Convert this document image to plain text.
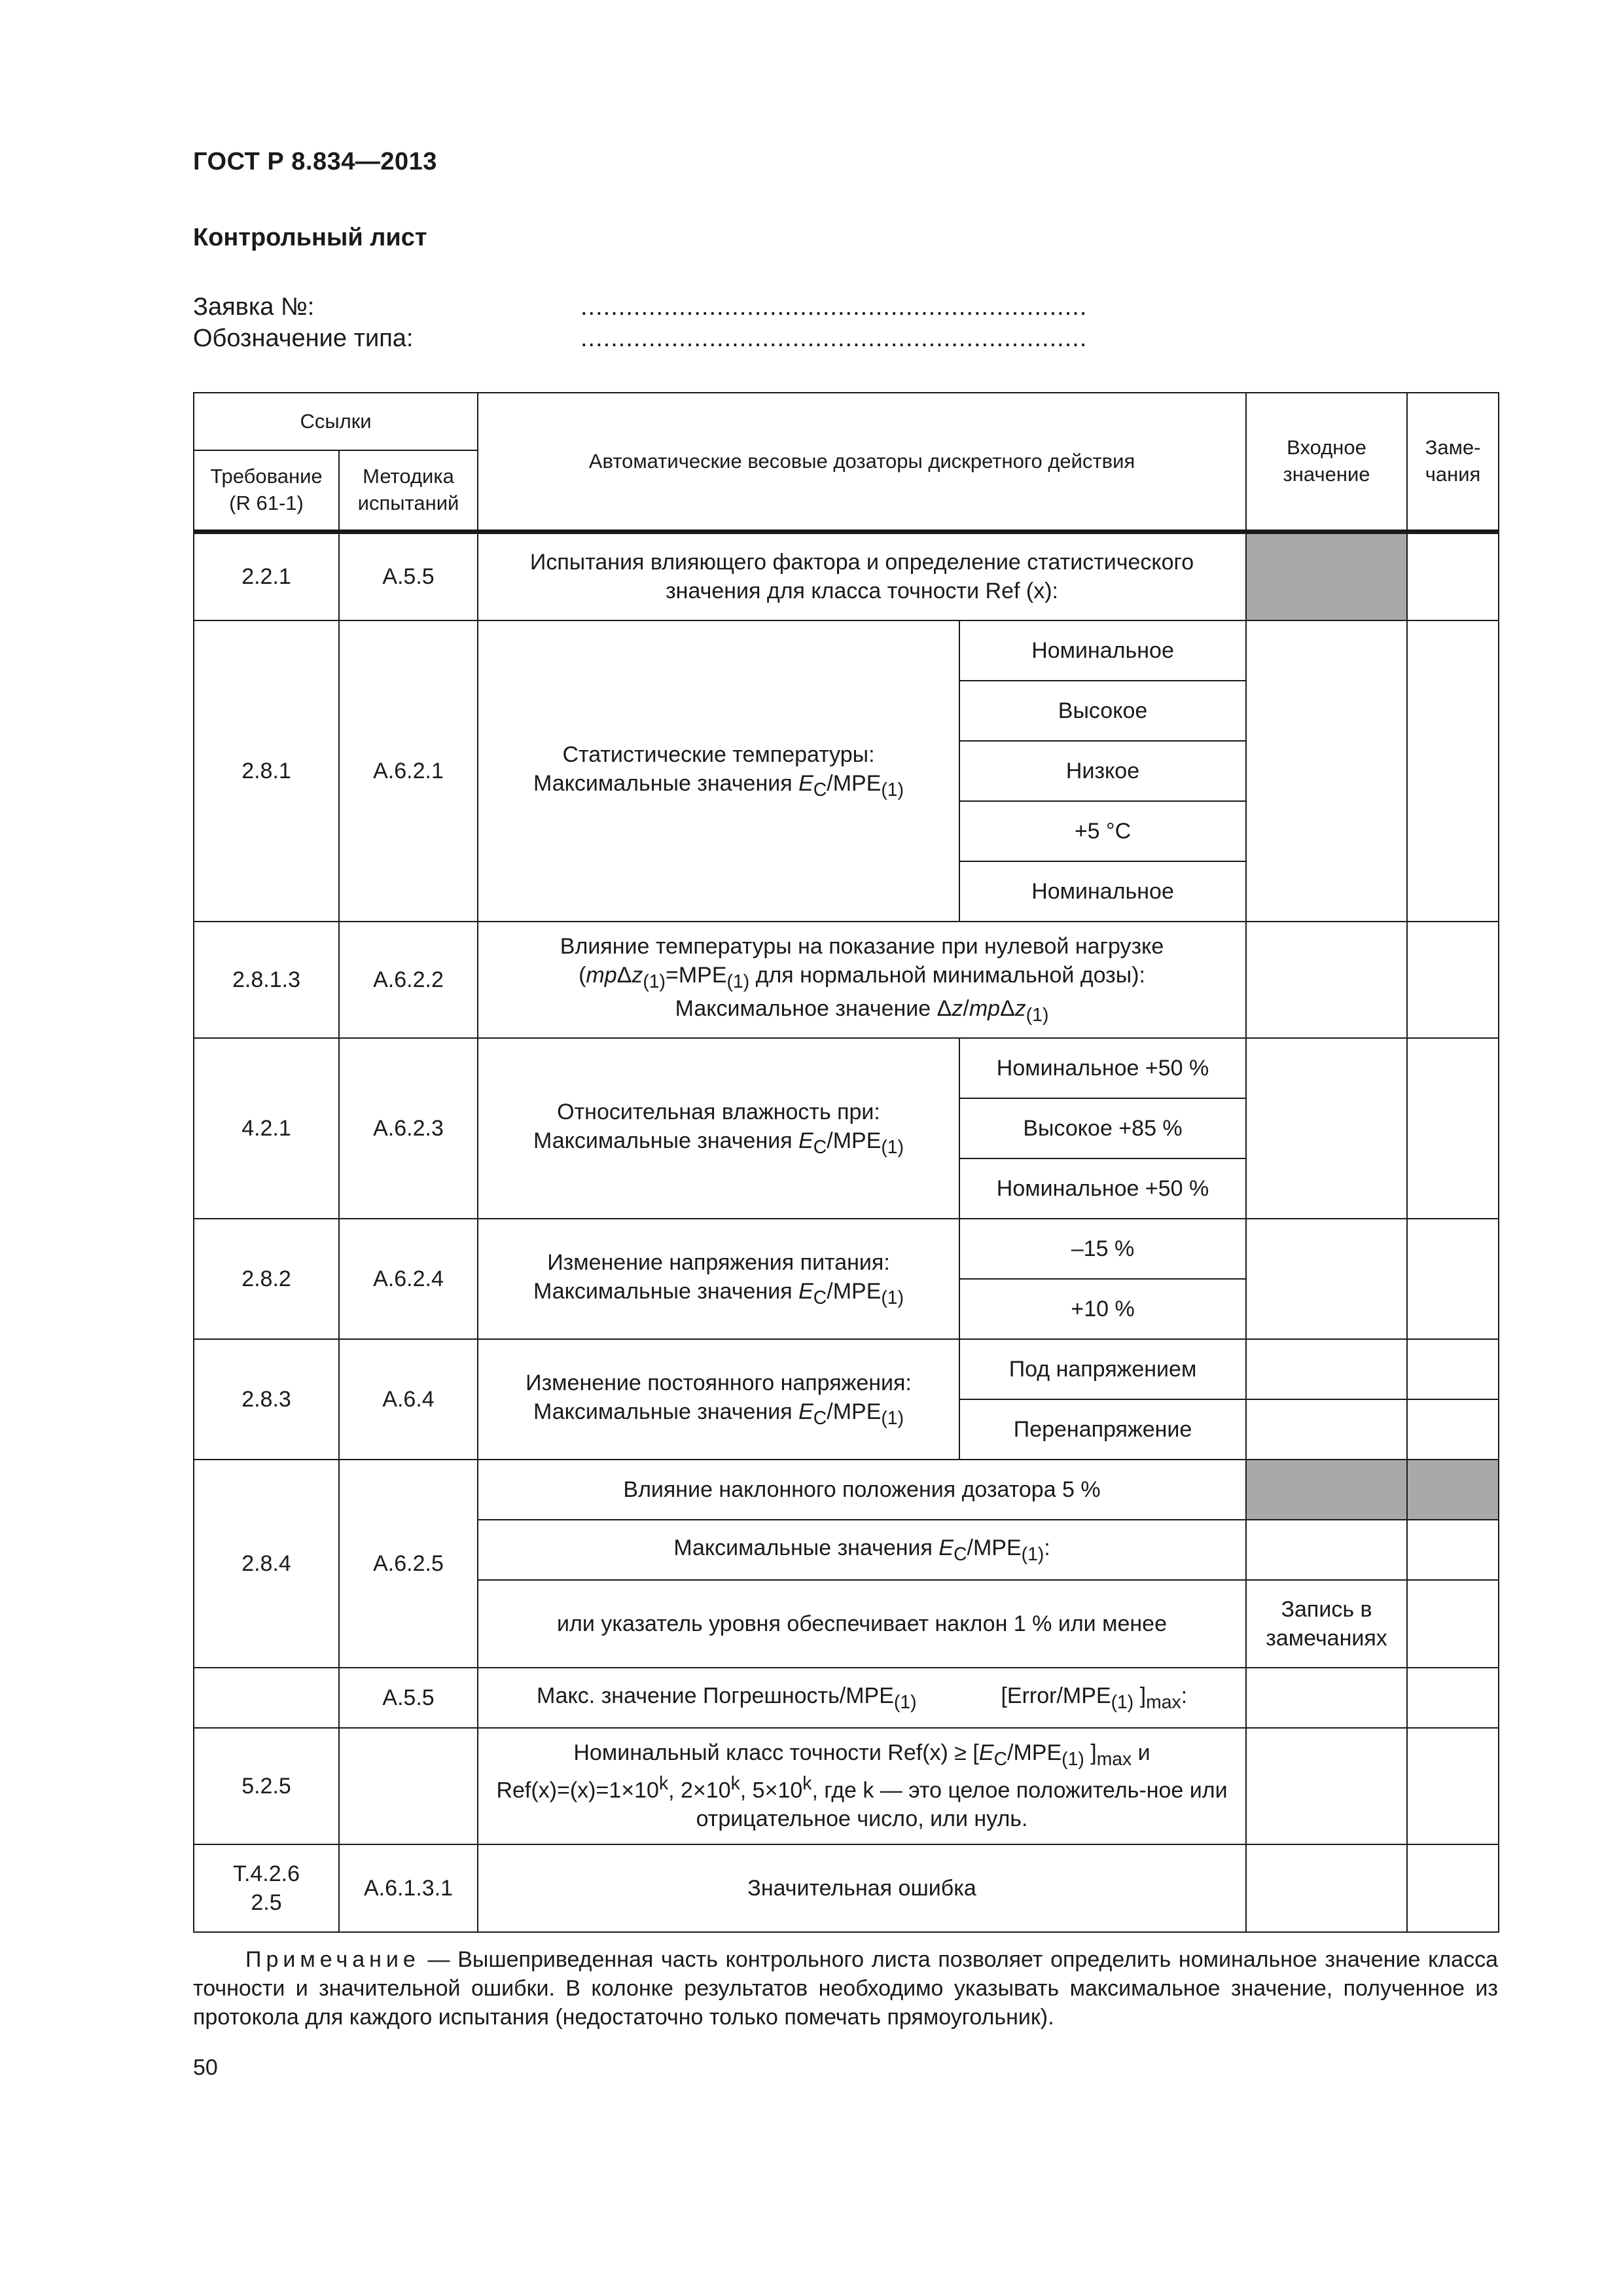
ГОСТ Р 8.834—2013
Контрольный лист
Заявка №:	...................................................................
Обозначение типа:	...................................................................
Ссылки		Автоматические весовые дозаторы дискретного действия		Входное значение	Заме-чания
Требование (R 61-1)	Методика испытаний				
2.2.1	А.5.5	Испытания влияющего фактора и определение статистического значения для класса точности Ref (x):			
2.8.1	А.6.2.1	Статистические температуры:
Максимальные значения $E_C/MPE_{(1)}$	Номинальное		
			Высокое		
			Низкое		
			+5 °С		
			Номинальное		
2.8.1.3	А.6.2.2	Влияние температуры на показание при нулевой нагрузке
($mp\Delta z_{(1)}=MPE_{(1)}$ для нормальной минимальной дозы):
Максимальное значение Δz/mpΔz$_{(1)}$		
4.2.1	А.6.2.3	Относительная влажность при:
Максимальные значения $E_C/MPE_{(1)}$	Номинальное +50 %		
			Высокое +85 %		
			Номинальное +50 %		
2.8.2	А.6.2.4	Изменение напряжения питания:
Максимальные значения $E_C/MPE_{(1)}$	–15 %		
			+10 %		
2.8.3	А.6.4	Изменение постоянного напряжения:
Максимальные значения $E_C/MPE_{(1)}$	Под напряжением		
			Перенапряжение		
2.8.4	А.6.2.5	Влияние наклонного положения дозатора 5 %			
		Максимальные значения $E_C/MPE_{(1)}$:			
		или указатель уровня обеспечивает наклон 1 % или менее		Запись в замечаниях	
	А.5.5	Макс. значение Погрешность/$MPE_{(1)}$ [$Error/MPE_{(1)}$ ]$_{max}$:			
5.2.5		Номинальный класс точности $Ref(x) \ge [E_C/MPE_{(1)}$ ]$_{max}$ и
$Ref(x)=(x)=1\times 10^k$, $2\times 10^k$, $5\times 10^k$, где k — это целое положитель-ное или отрицательное число, или нуль.			
Т.4.2.6
2.5	А.6.1.3.1	Значительная ошибка			
Примечание — Вышеприведенная часть контрольного листа позволяет определить номинальное значение класса точности и значительной ошибки. В колонке результатов необходимо указывать максимальное значение, полученное из протокола для каждого испытания (недостаточно только помечать прямоугольник).
50
